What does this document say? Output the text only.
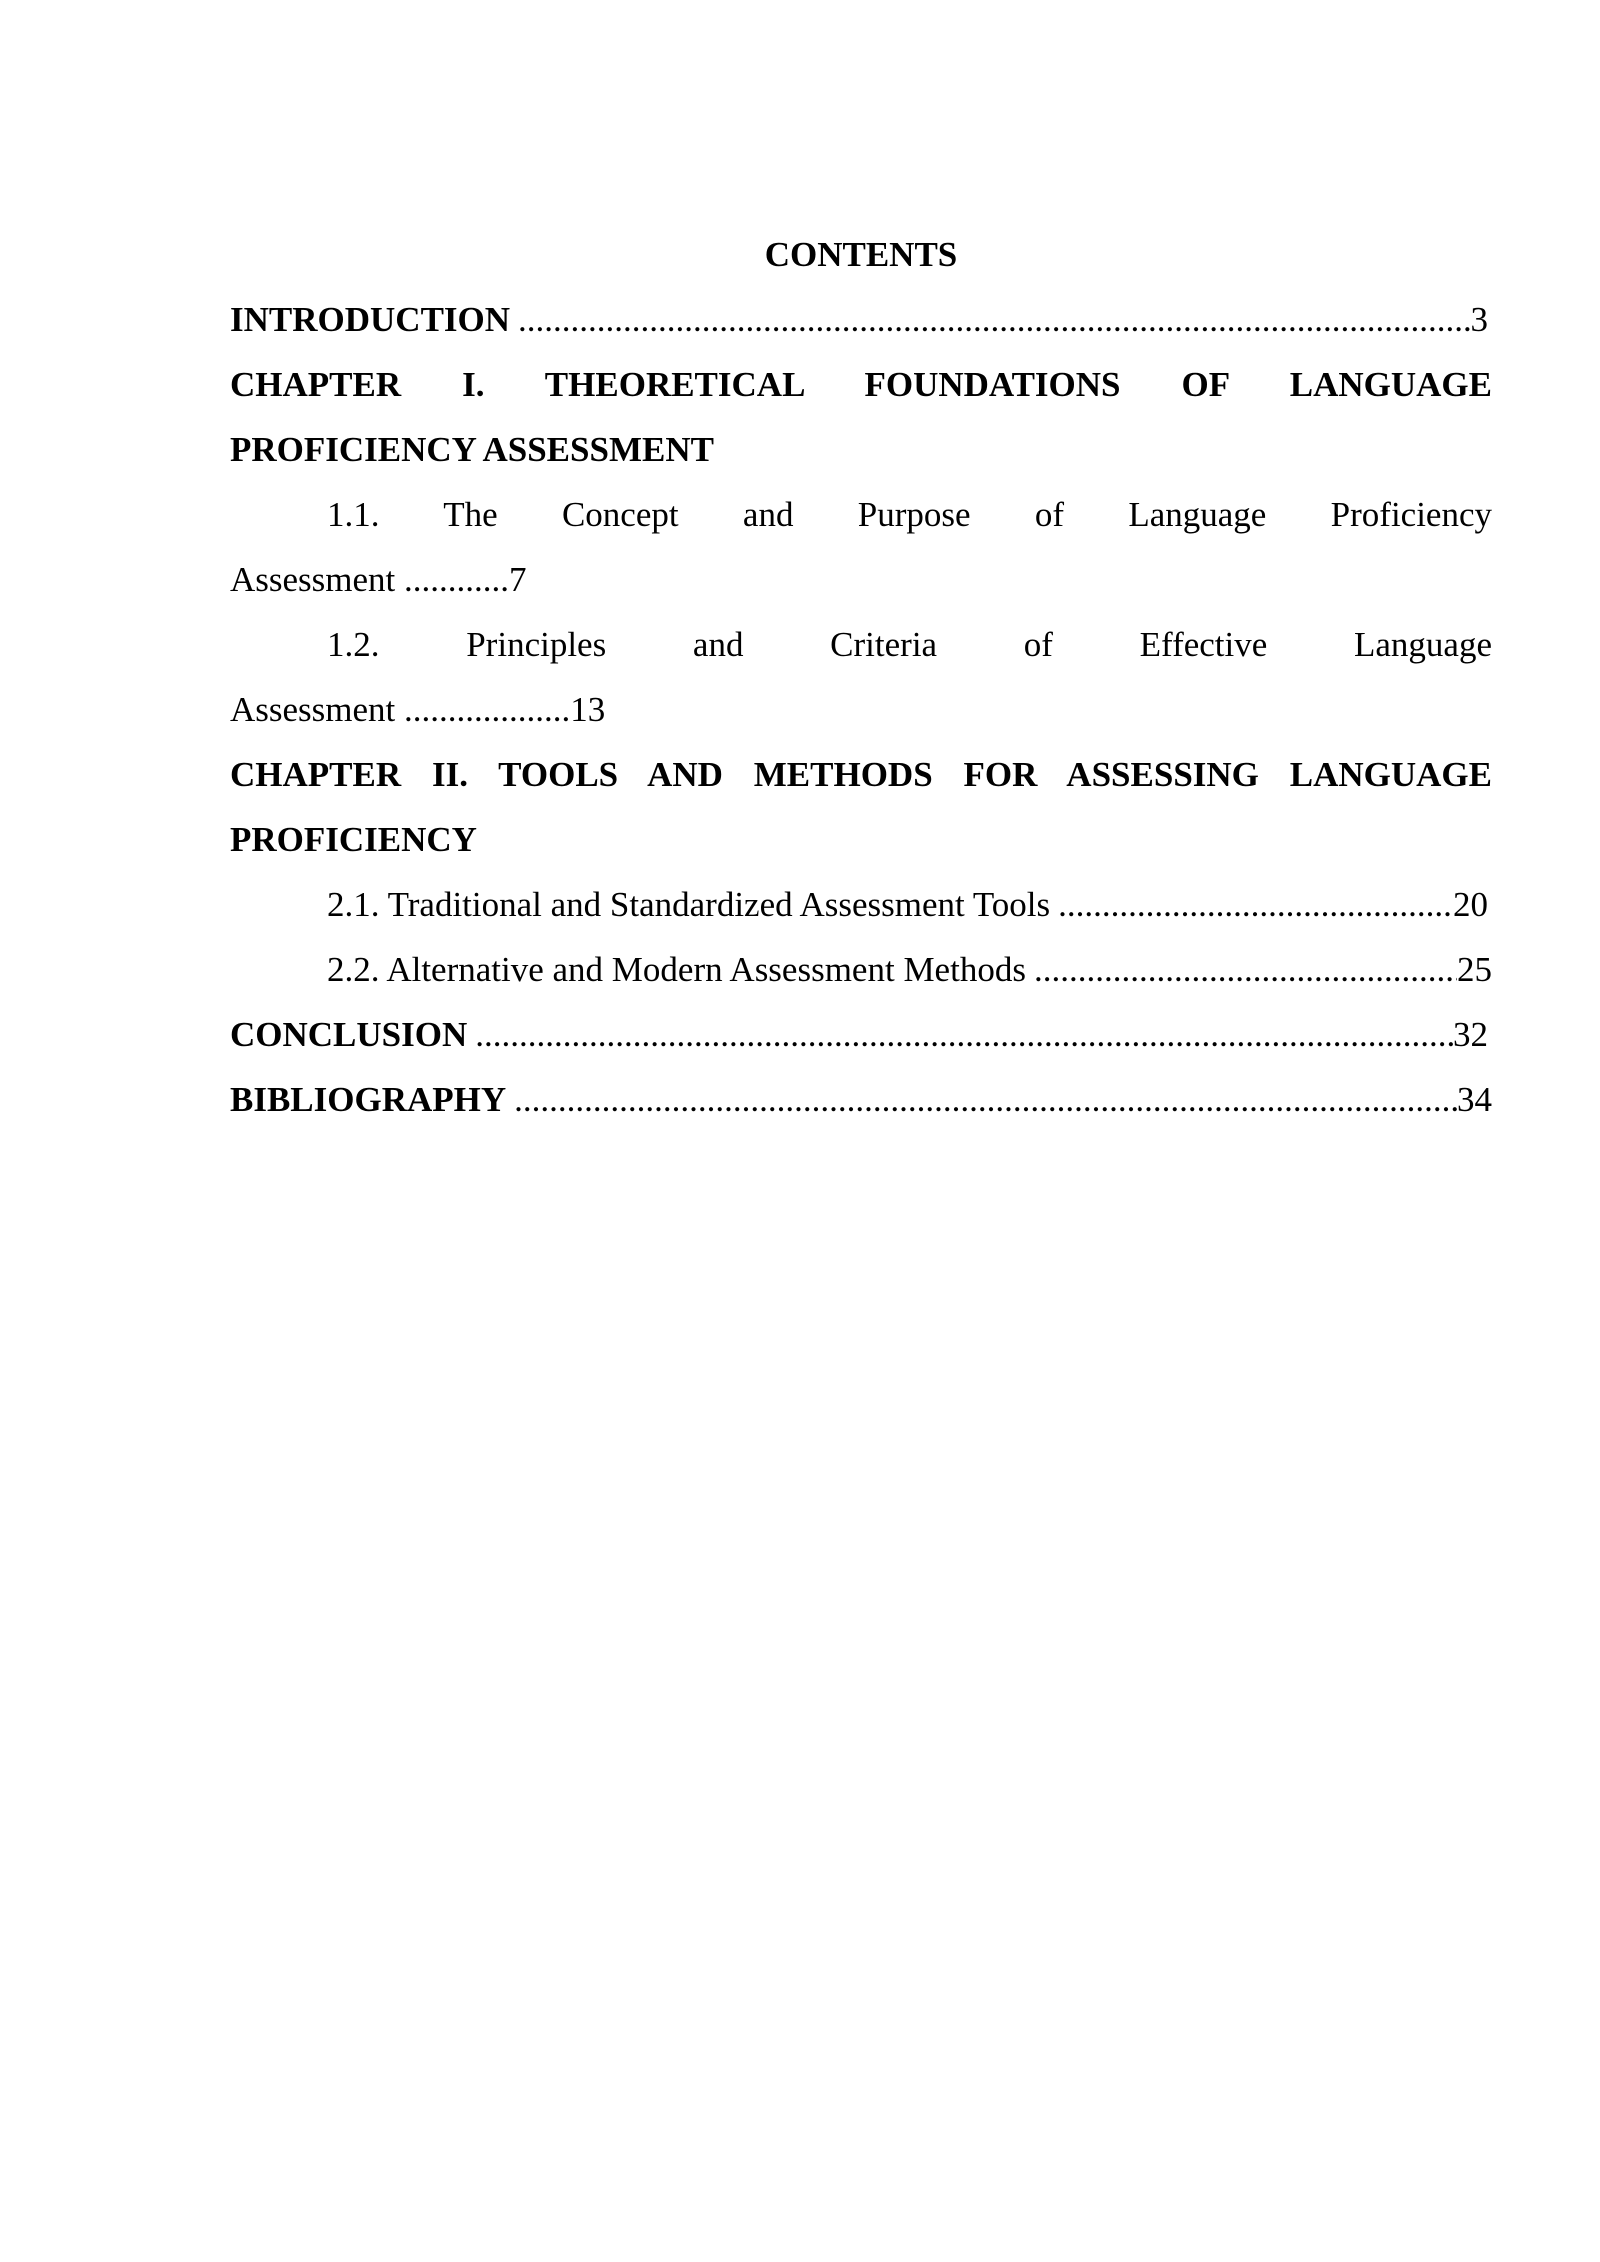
CONTENTS
INTRODUCTION .....	3
CHAPTER I. THEORETICAL FOUNDATIONS OF LANGUAGE
PROFICIENCY ASSESSMENT
1.1. The Concept and Purpose of Language Proficiency
Assessment ............7
1.2. Principles and Criteria of Effective Language
Assessment ...................13
CHAPTER II. TOOLS AND METHODS FOR ASSESSING LANGUAGE
PROFICIENCY
2.1. Traditional and Standardized Assessment Tools .....	20
2.2. Alternative and Modern Assessment Methods .....	25
CONCLUSION .....	32
BIBLIOGRAPHY .....	34
